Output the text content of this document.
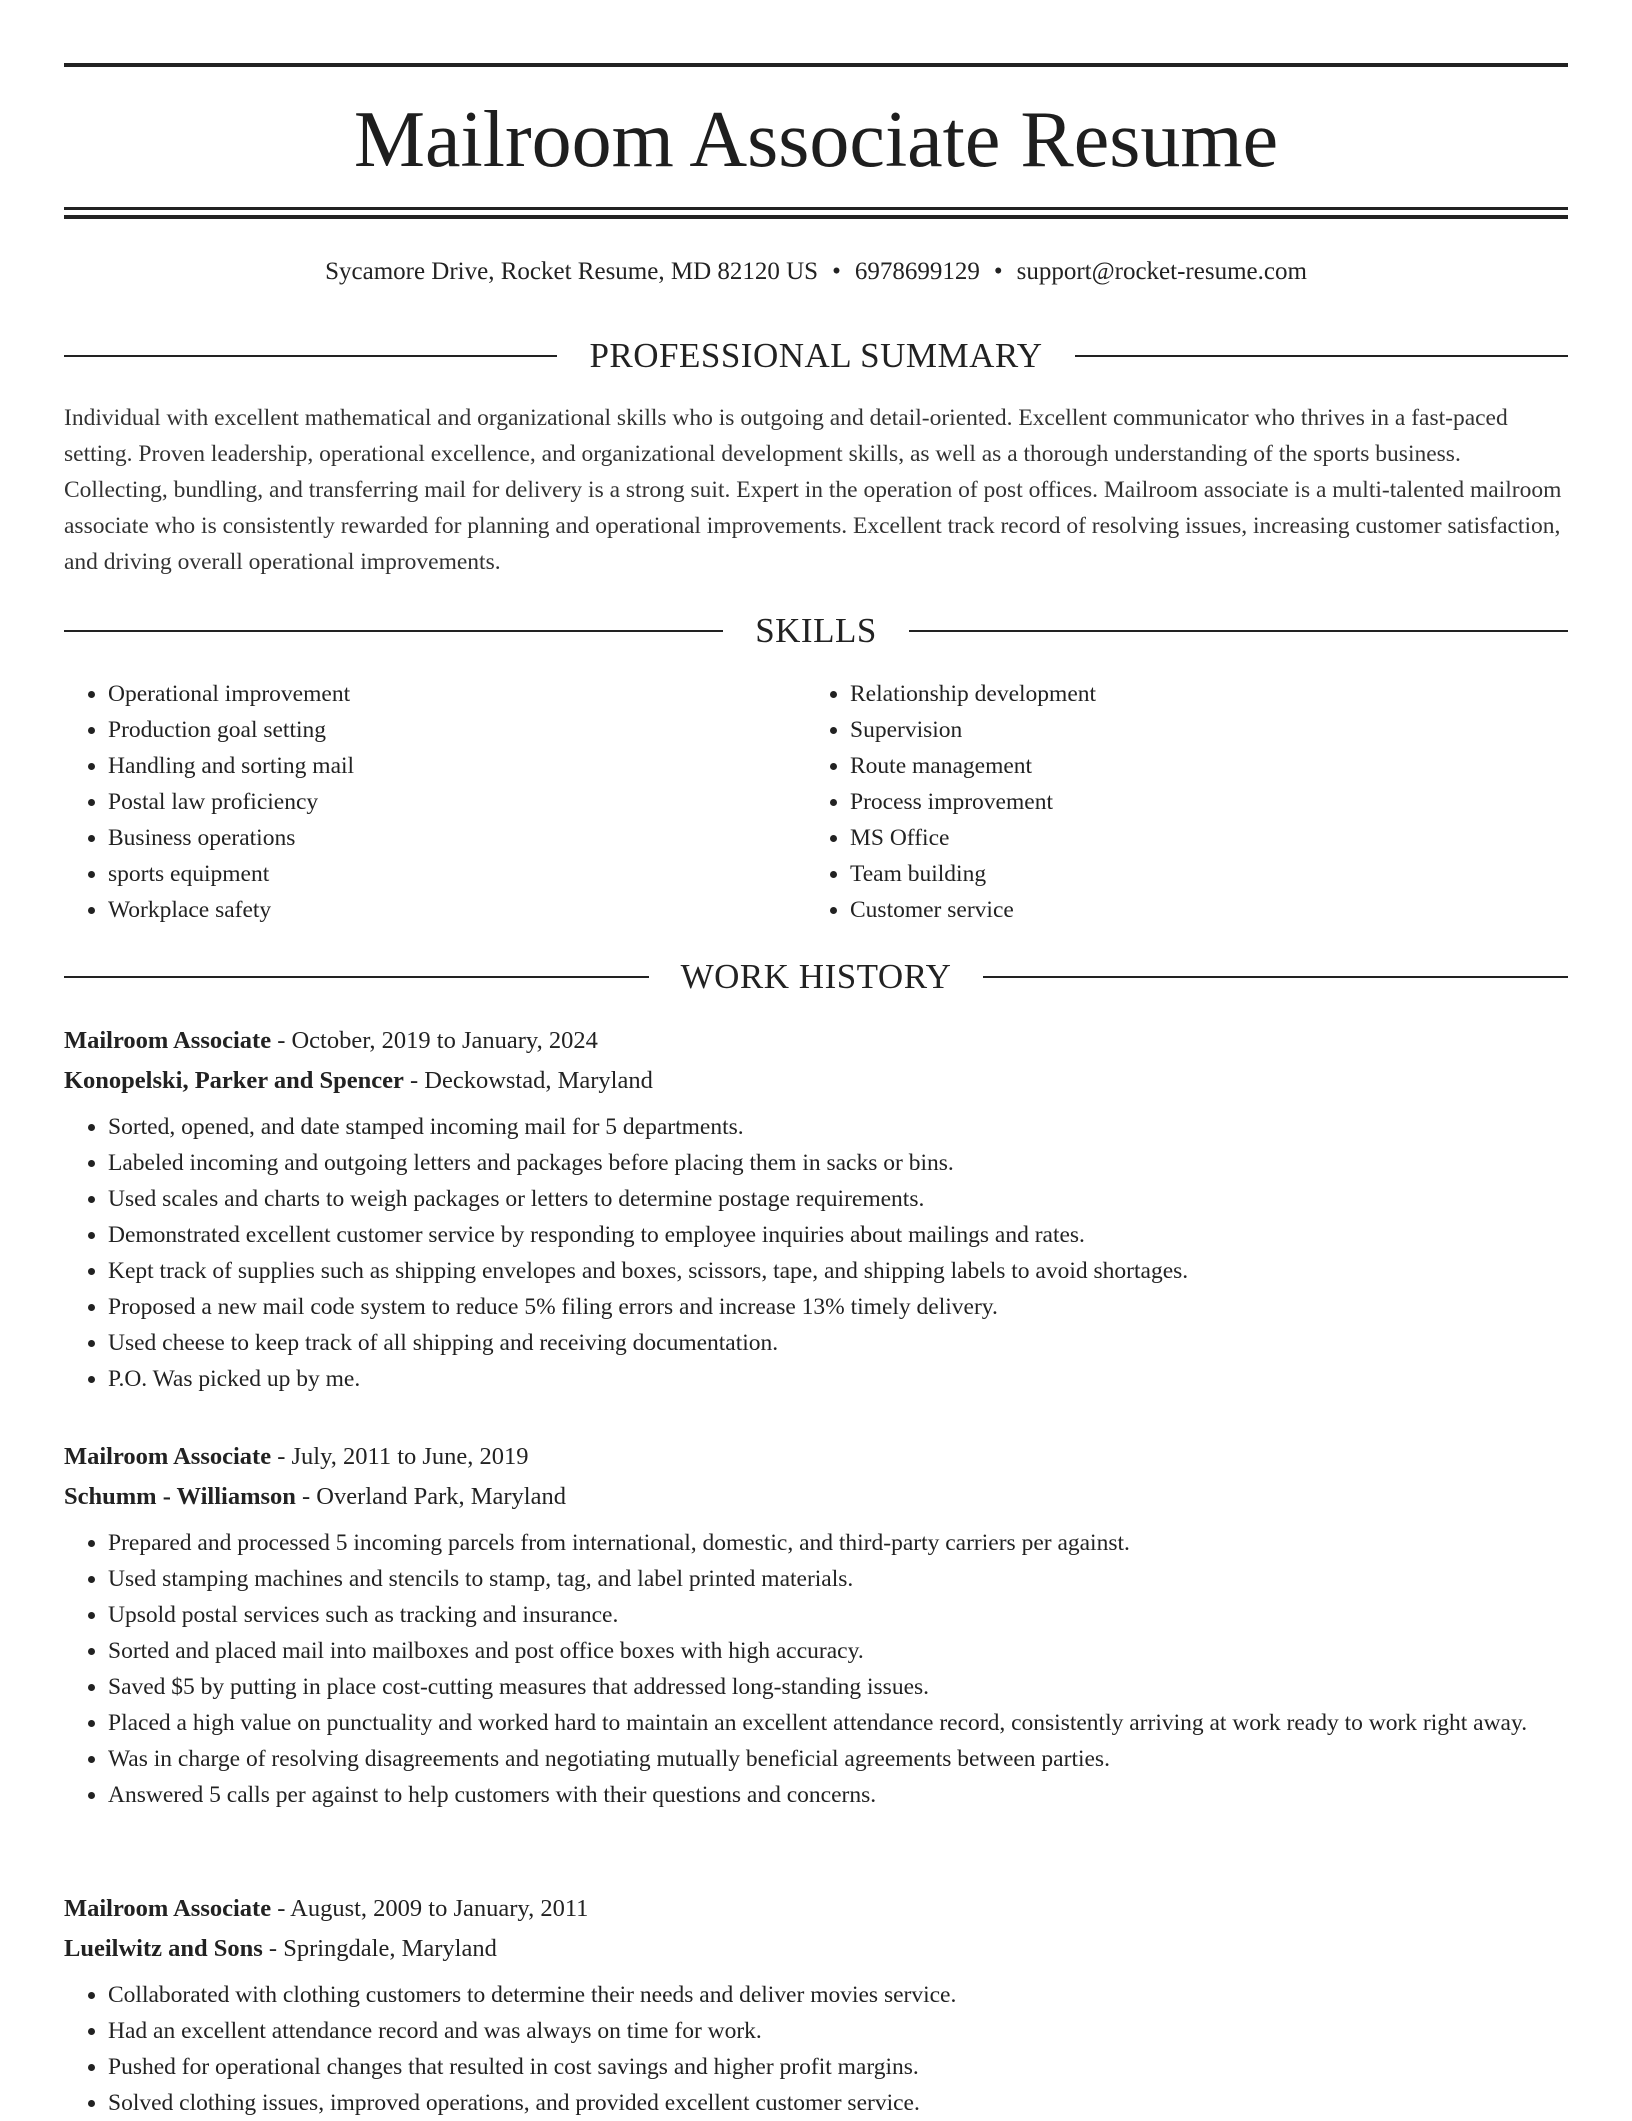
Mailroom Associate Resume
Sycamore Drive, Rocket Resume, MD 82120 US • 6978699129 • support@rocket-resume.com
PROFESSIONAL SUMMARY

Individual with excellent mathematical and organizational skills who is outgoing and detail-oriented. Excellent communicator who thrives in a fast-paced setting. Proven leadership, operational excellence, and organizational development skills, as well as a thorough understanding of the sports business. Collecting, bundling, and transferring mail for delivery is a strong suit. Expert in the operation of post offices. Mailroom associate is a multi-talented mailroom associate who is consistently rewarded for planning and operational improvements. Excellent track record of resolving issues, increasing customer satisfaction, and driving overall operational improvements.

SKILLS
• Operational improvement
• Production goal setting
• Handling and sorting mail
• Postal law proficiency
• Business operations
• sports equipment
• Workplace safety
• Relationship development
• Supervision
• Route management
• Process improvement
• MS Office
• Team building
• Customer service
WORK HISTORY
Mailroom Associate - October, 2019 to January, 2024
Konopelski, Parker and Spencer - Deckowstad, Maryland
• Sorted, opened, and date stamped incoming mail for 5 departments.
• Labeled incoming and outgoing letters and packages before placing them in sacks or bins.
• Used scales and charts to weigh packages or letters to determine postage requirements.
• Demonstrated excellent customer service by responding to employee inquiries about mailings and rates.
• Kept track of supplies such as shipping envelopes and boxes, scissors, tape, and shipping labels to avoid shortages.
• Proposed a new mail code system to reduce 5% filing errors and increase 13% timely delivery.
• Used cheese to keep track of all shipping and receiving documentation.
• P.O. Was picked up by me.
Mailroom Associate - July, 2011 to June, 2019
Schumm - Williamson - Overland Park, Maryland
• Prepared and processed 5 incoming parcels from international, domestic, and third-party carriers per against.
• Used stamping machines and stencils to stamp, tag, and label printed materials.
• Upsold postal services such as tracking and insurance.
• Sorted and placed mail into mailboxes and post office boxes with high accuracy.
• Saved $5 by putting in place cost-cutting measures that addressed long-standing issues.
• Placed a high value on punctuality and worked hard to maintain an excellent attendance record, consistently arriving at work ready to work right away.
• Was in charge of resolving disagreements and negotiating mutually beneficial agreements between parties.
• Answered 5 calls per against to help customers with their questions and concerns.
Mailroom Associate - August, 2009 to January, 2011
Lueilwitz and Sons - Springdale, Maryland
• Collaborated with clothing customers to determine their needs and deliver movies service.
• Had an excellent attendance record and was always on time for work.
• Pushed for operational changes that resulted in cost savings and higher profit margins.
• Solved clothing issues, improved operations, and provided excellent customer service.
